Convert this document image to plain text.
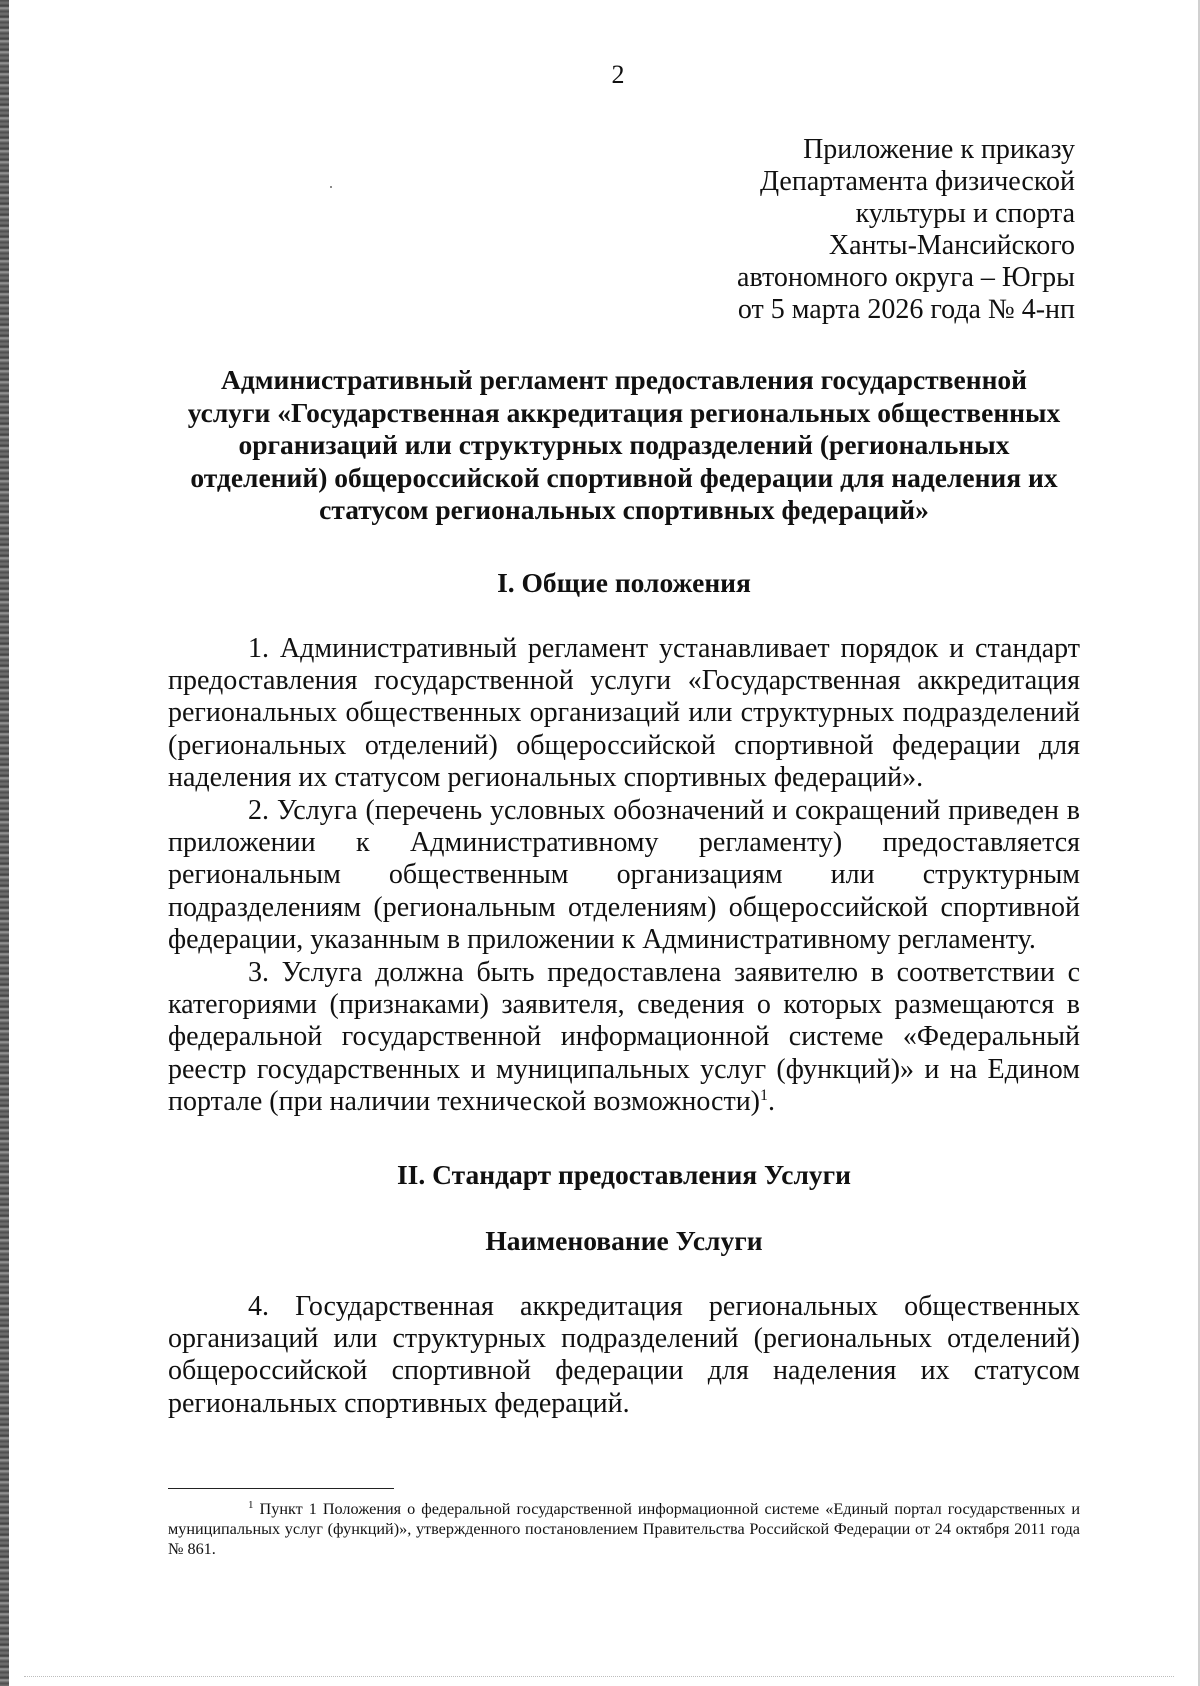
2
Приложение к приказу
Департамента физической
культуры и спорта
Ханты-Мансийского
автономного округа – Югры
от 5 марта 2026 года № 4-нп
Административный регламент предоставления государственной
услуги «Государственная аккредитация региональных общественных
организаций или структурных подразделений (региональных
отделений) общероссийской спортивной федерации для наделения их
статусом региональных спортивных федераций»
I. Общие положения

1. Административный регламент устанавливает порядок и стандарт предоставления государственной услуги «Государственная аккредитация региональных общественных организаций или структурных подразделений (региональных отделений) общероссийской спортивной федерации для наделения их статусом региональных спортивных федераций».

2. Услуга (перечень условных обозначений и сокращений приведен в приложении к Административному регламенту) предоставляется региональным общественным организациям или структурным подразделениям (региональным отделениям) общероссийской спортивной федерации, указанным в приложении к Административному регламенту.

3. Услуга должна быть предоставлена заявителю в соответствии с категориями (признаками) заявителя, сведения о которых размещаются в федеральной государственной информационной системе «Федеральный реестр государственных и муниципальных услуг (функций)» и на Едином портале (при наличии технической возможности)$^1$.

II. Стандарт предоставления Услуги
Наименование Услуги

4. Государственная аккредитация региональных общественных организаций или структурных подразделений (региональных отделений) общероссийской спортивной федерации для наделения их статусом региональных спортивных федераций.

$^1$ Пункт 1 Положения о федеральной государственной информационной системе «Единый портал государственных и муниципальных услуг (функций)», утвержденного постановлением Правительства Российской Федерации от 24 октября 2011 года № 861.
